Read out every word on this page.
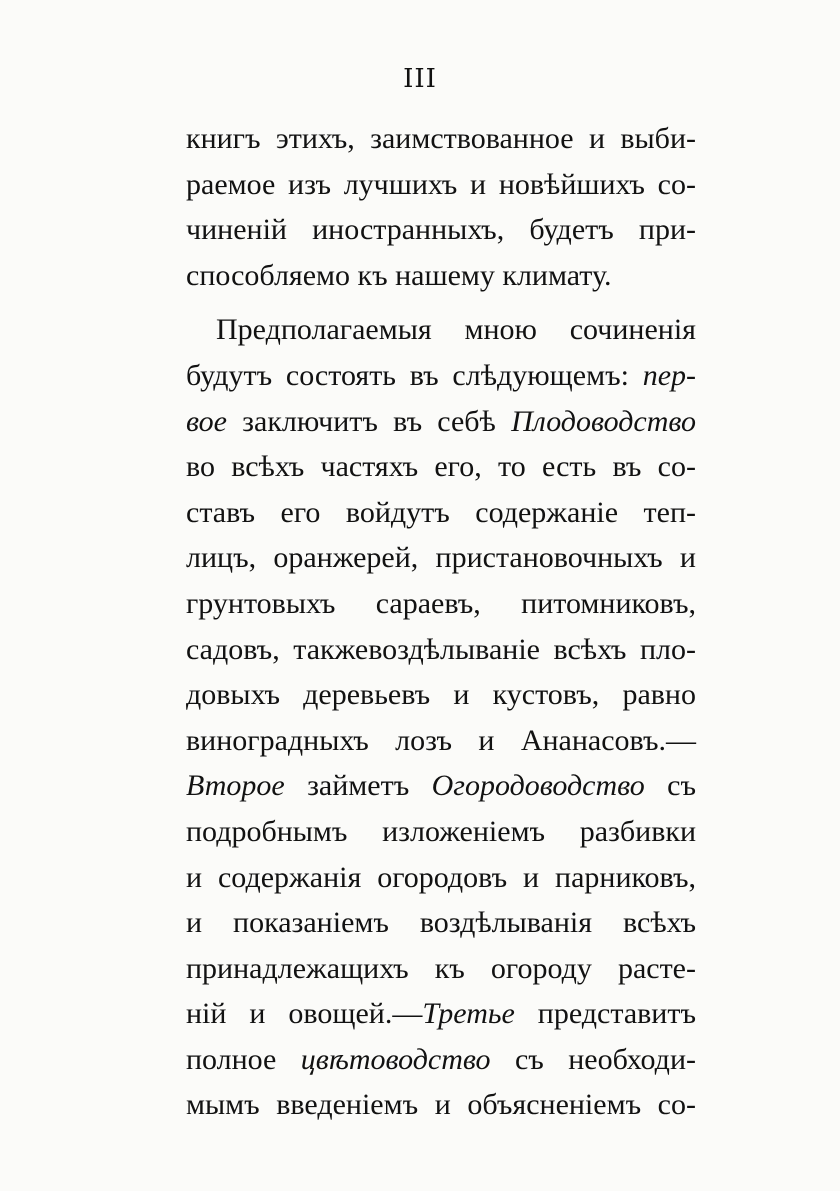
III
книгъ этихъ, заимствованное и выби-
раемое изъ лучшихъ и новѣйшихъ со-
чиненій иностранныхъ, будетъ при-
способляемо къ нашему климату.
Предполагаемыя мною сочиненія
будутъ состоять въ слѣдующемъ: пер-
вое заключитъ въ себѣ Плодоводство
во всѣхъ частяхъ его, то есть въ со-
ставъ его войдутъ содержаніе теп-
лицъ, оранжерей, пристановочныхъ и
грунтовыхъ сараевъ, питомниковъ,
садовъ, такжевоздѣлываніе всѣхъ пло-
довыхъ деревьевъ и кустовъ, равно
виноградныхъ лозъ и Ананасовъ.—
Второе займетъ Огородоводство съ
подробнымъ изложеніемъ разбивки
и содержанія огородовъ и парниковъ,
и показаніемъ воздѣлыванія всѣхъ
принадлежащихъ къ огороду расте-
ній и овощей.—Третье представитъ
полное цвѣтоводство съ необходи-
мымъ введеніемъ и объясненіемъ со-
